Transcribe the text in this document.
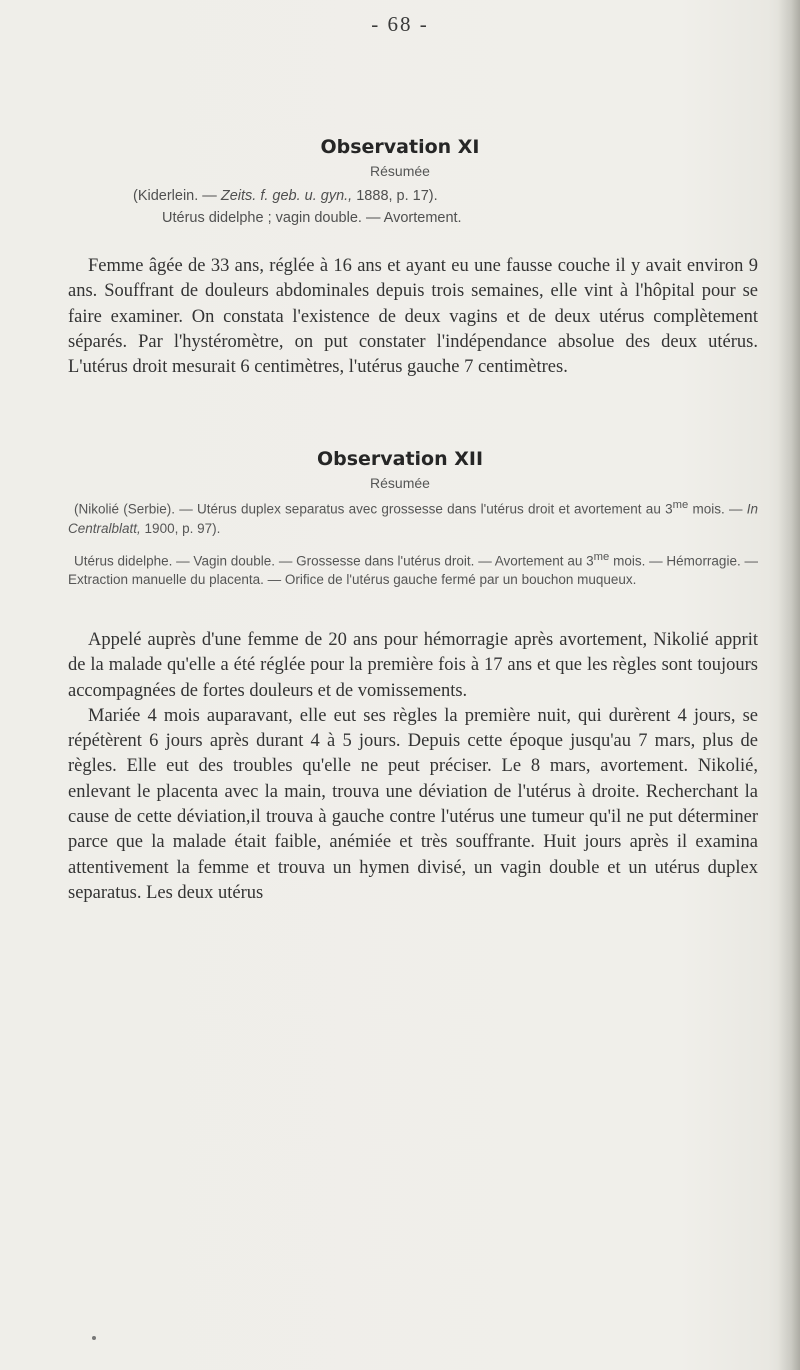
- 68 -
Observation XI
Résumée
(Kiderlein. — Zeits. f. geb. u. gyn., 1888, p. 17).
Utérus didelphe ; vagin double. — Avortement.

Femme âgée de 33 ans, réglée à 16 ans et ayant eu une fausse couche il y avait environ 9 ans. Souffrant de douleurs abdominales depuis trois semaines, elle vint à l'hôpital pour se faire examiner. On constata l'existence de deux vagins et de deux utérus complètement séparés. Par l'hystéromètre, on put constater l'indépendance absolue des deux utérus. L'utérus droit mesurait 6 centimètres, l'utérus gauche 7 centimètres.

Observation XII
Résumée

(Nikolié (Serbie). — Utérus duplex separatus avec grossesse dans l'utérus droit et avortement au $3^{me}$ mois. — In Centralblatt, 1900, p. 97).

Utérus didelphe. — Vagin double. — Grossesse dans l'utérus droit. — Avortement au $3^{me}$ mois. — Hémorragie. — Extraction manuelle du placenta. — Orifice de l'utérus gauche fermé par un bouchon muqueux.

Appelé auprès d'une femme de 20 ans pour hémorragie après avortement, Nikolié apprit de la malade qu'elle a été réglée pour la première fois à 17 ans et que les règles sont toujours accompagnées de fortes douleurs et de vomissements.

Mariée 4 mois auparavant, elle eut ses règles la première nuit, qui durèrent 4 jours, se répétèrent 6 jours après durant 4 à 5 jours. Depuis cette époque jusqu'au 7 mars, plus de règles. Elle eut des troubles qu'elle ne peut préciser. Le 8 mars, avortement. Nikolié, enlevant le placenta avec la main, trouva une déviation de l'utérus à droite. Recherchant la cause de cette déviation,il trouva à gauche contre l'utérus une tumeur qu'il ne put déterminer parce que la malade était faible, anémiée et très souffrante. Huit jours après il examina attentivement la femme et trouva un hymen divisé, un vagin double et un utérus duplex separatus. Les deux utérus
